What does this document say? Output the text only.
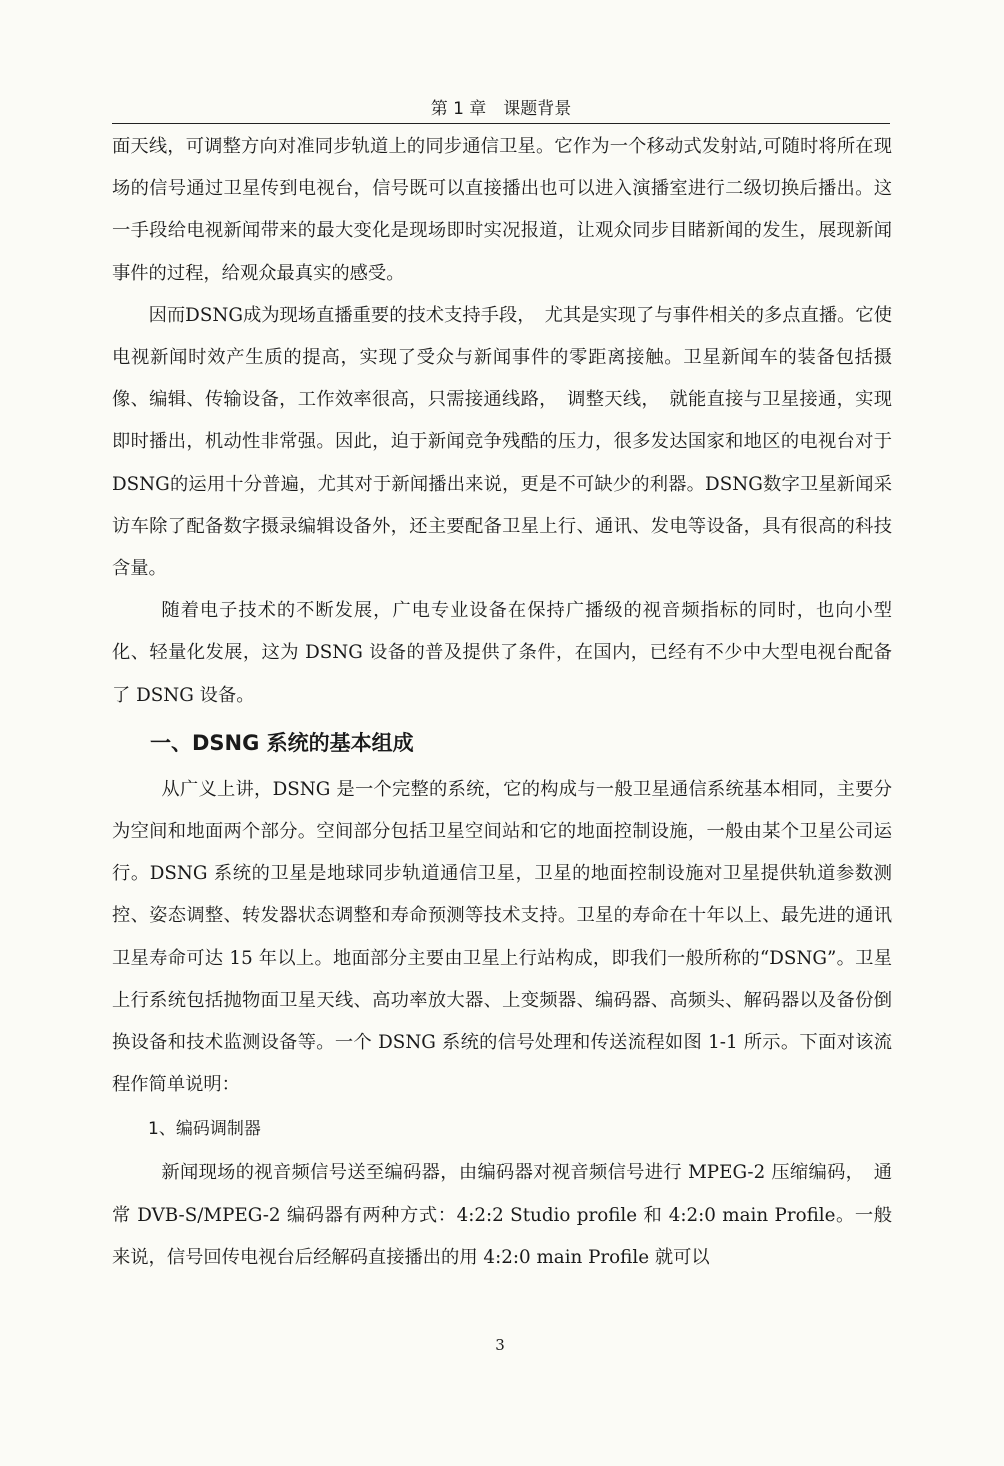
第 1 章　课题背景

面天线，可调整方向对准同步轨道上的同步通信卫星。它作为一个移动式发射站,可随时将所在现场的信号通过卫星传到电视台，信号既可以直接播出也可以进入演播室进行二级切换后播出。这一手段给电视新闻带来的最大变化是现场即时实况报道，让观众同步目睹新闻的发生，展现新闻事件的过程，给观众最真实的感受。

因而DSNG成为现场直播重要的技术支持手段，　尤其是实现了与事件相关的多点直播。它使电视新闻时效产生质的提高，实现了受众与新闻事件的零距离接触。卫星新闻车的装备包括摄像、编辑、传输设备，工作效率很高，只需接通线路，　调整天线，　就能直接与卫星接通，实现即时播出，机动性非常强。因此，迫于新闻竞争残酷的压力，很多发达国家和地区的电视台对于DSNG的运用十分普遍，尤其对于新闻播出来说，更是不可缺少的利器。DSNG数字卫星新闻采访车除了配备数字摄录编辑设备外，还主要配备卫星上行、通讯、发电等设备，具有很高的科技含量。

随着电子技术的不断发展，广电专业设备在保持广播级的视音频指标的同时，也向小型化、轻量化发展，这为 DSNG 设备的普及提供了条件，在国内，已经有不少中大型电视台配备了 DSNG 设备。

一、DSNG 系统的基本组成

从广义上讲，DSNG 是一个完整的系统，它的构成与一般卫星通信系统基本相同，主要分为空间和地面两个部分。空间部分包括卫星空间站和它的地面控制设施，一般由某个卫星公司运行。DSNG 系统的卫星是地球同步轨道通信卫星，卫星的地面控制设施对卫星提供轨道参数测控、姿态调整、转发器状态调整和寿命预测等技术支持。卫星的寿命在十年以上、最先进的通讯卫星寿命可达 15 年以上。地面部分主要由卫星上行站构成，即我们一般所称的“DSNG”。卫星上行系统包括抛物面卫星天线、高功率放大器、上变频器、编码器、高频头、解码器以及备份倒换设备和技术监测设备等。一个 DSNG 系统的信号处理和传送流程如图 1-1 所示。下面对该流程作简单说明：

1、编码调制器

新闻现场的视音频信号送至编码器，由编码器对视音频信号进行 MPEG-2 压缩编码，　通常 DVB-S/MPEG-2 编码器有两种方式：4:2:2 Studio profile 和 4:2:0 main Profile。一般来说，信号回传电视台后经解码直接播出的用 4:2:0 main Profile 就可以

3
